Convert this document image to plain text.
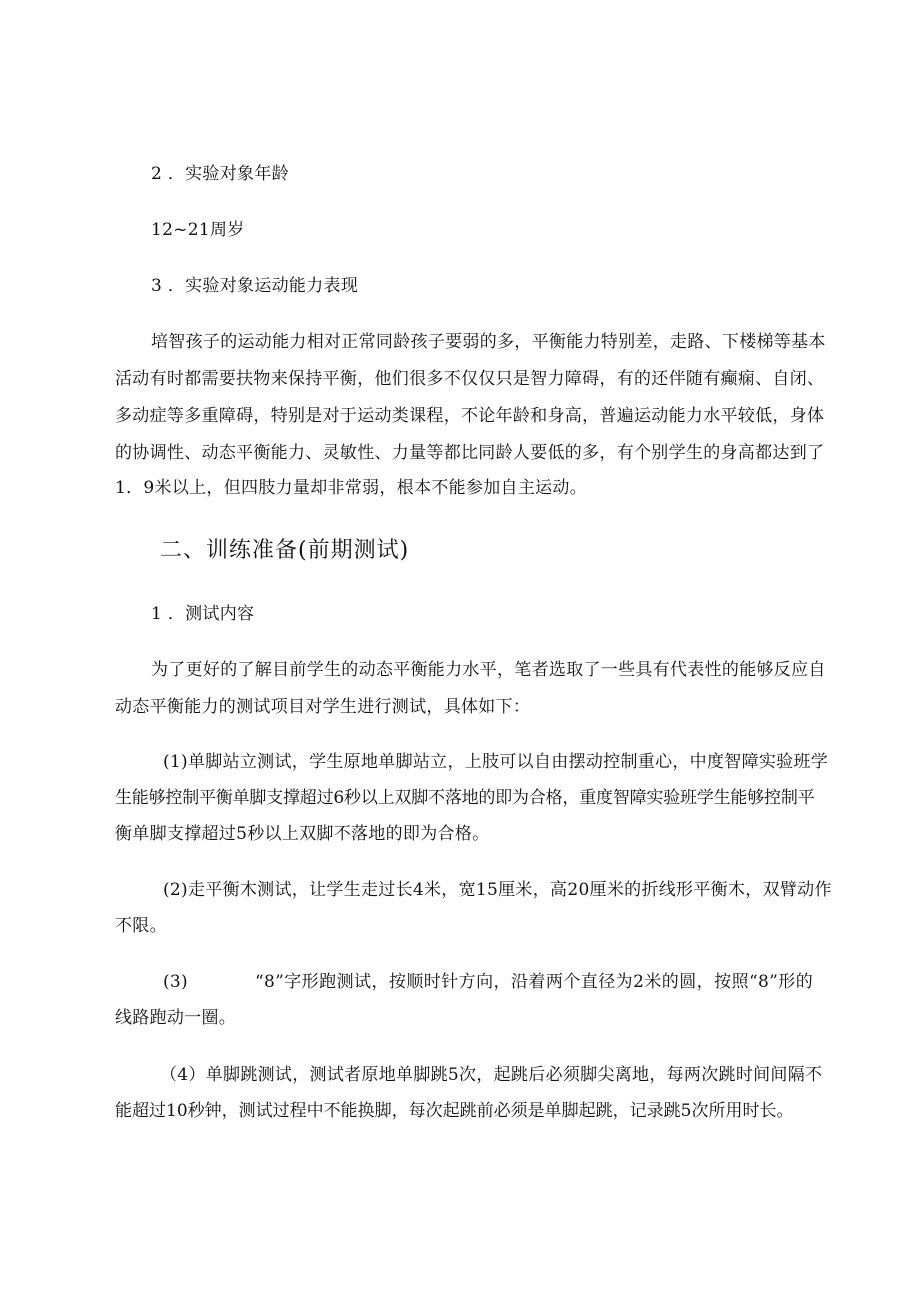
2 ．实验对象年龄
12~21周岁
3 ．实验对象运动能力表现
培智孩子的运动能力相对正常同龄孩子要弱的多，平衡能力特别差，走路、下楼梯等基本
活动有时都需要扶物来保持平衡，他们很多不仅仅只是智力障碍，有的还伴随有癫痫、自闭、
多动症等多重障碍，特别是对于运动类课程，不论年龄和身高，普遍运动能力水平较低，身体
的协调性、动态平衡能力、灵敏性、力量等都比同龄人要低的多，有个别学生的身高都达到了
1．9米以上，但四肢力量却非常弱，根本不能参加自主运动。
二、训练准备(前期测试)
1 ．测试内容
为了更好的了解目前学生的动态平衡能力水平，笔者选取了一些具有代表性的能够反应自
动态平衡能力的测试项目对学生进行测试，具体如下：
(1)单脚站立测试，学生原地单脚站立，上肢可以自由摆动控制重心，中度智障实验班学
生能够控制平衡单脚支撑超过6秒以上双脚不落地的即为合格，重度智障实验班学生能够控制平
衡单脚支撑超过5秒以上双脚不落地的即为合格。
(2)走平衡木测试，让学生走过长4米，宽15厘米，高20厘米的折线形平衡木，双臂动作
不限。
(3)	“8”字形跑测试，按顺时针方向，沿着两个直径为2米的圆，按照“8”形的
线路跑动一圈。
（4）单脚跳测试，测试者原地单脚跳5次，起跳后必须脚尖离地，每两次跳时间间隔不
能超过10秒钟，测试过程中不能换脚，每次起跳前必须是单脚起跳，记录跳5次所用时长。
